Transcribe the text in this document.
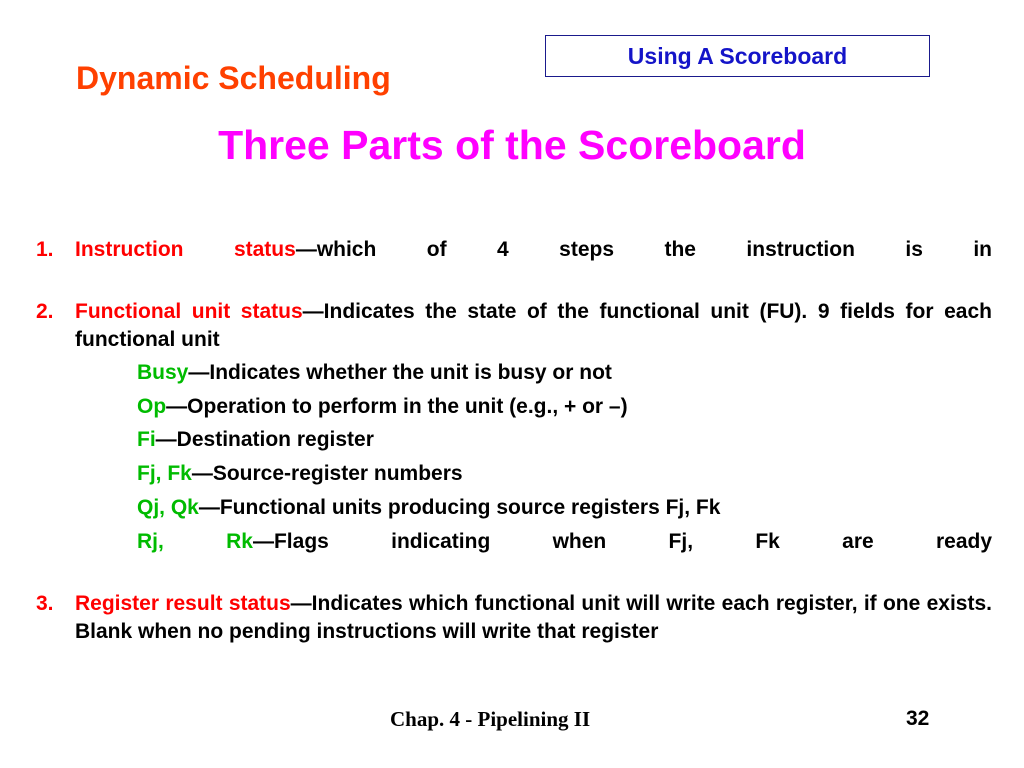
Using A Scoreboard
Dynamic Scheduling
Three Parts of the Scoreboard
1. Instruction status—which of 4 steps the instruction is in
2. Functional unit status—Indicates the state of the functional unit (FU). 9 fields for each functional unit
Busy—Indicates whether the unit is busy or not
Op—Operation to perform in the unit (e.g., + or –)
Fi—Destination register
Fj, Fk—Source-register numbers
Qj, Qk—Functional units producing source registers Fj, Fk
Rj, Rk—Flags indicating when Fj, Fk are ready
3. Register result status—Indicates which functional unit will write each register, if one exists. Blank when no pending instructions will write that register
Chap. 4 - Pipelining II	32
